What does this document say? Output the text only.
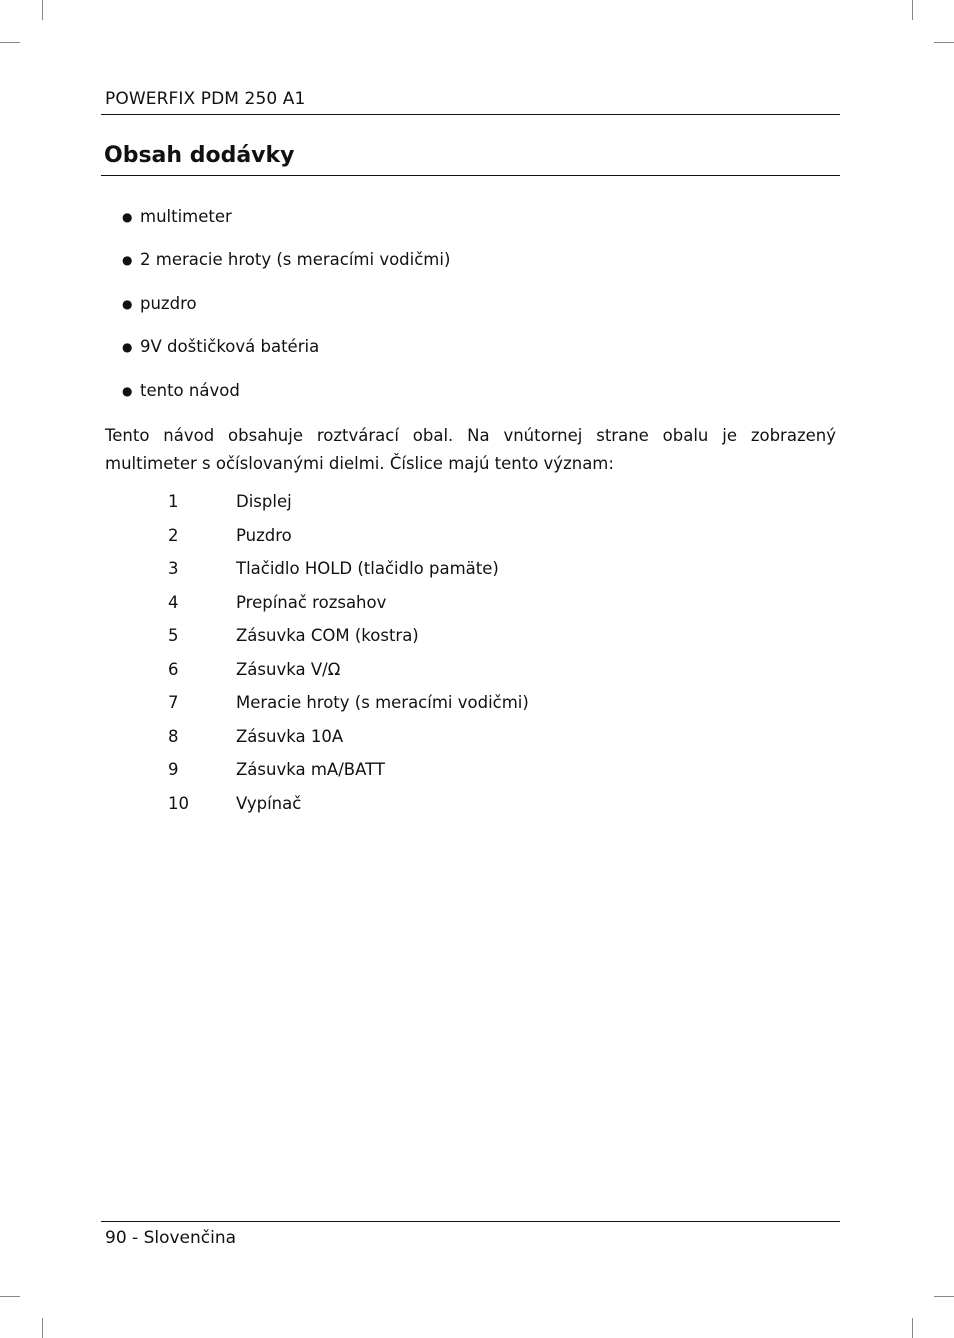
POWERFIX PDM 250 A1
Obsah dodávky
● multimeter
● 2 meracie hroty (s meracími vodičmi)
● puzdro
● 9V doštičková batéria
● tento návod

Tento návod obsahuje roztvárací obal. Na vnútornej strane obalu je zobrazený multimeter s očíslovanými dielmi. Číslice majú tento význam:

1	Displej
2	Puzdro
3	Tlačidlo HOLD (tlačidlo pamäte)
4	Prepínač rozsahov
5	Zásuvka COM (kostra)
6	Zásuvka V/Ω
7	Meracie hroty (s meracími vodičmi)
8	Zásuvka 10A
9	Zásuvka mA/BATT
10	Vypínač
90 - Slovenčina
